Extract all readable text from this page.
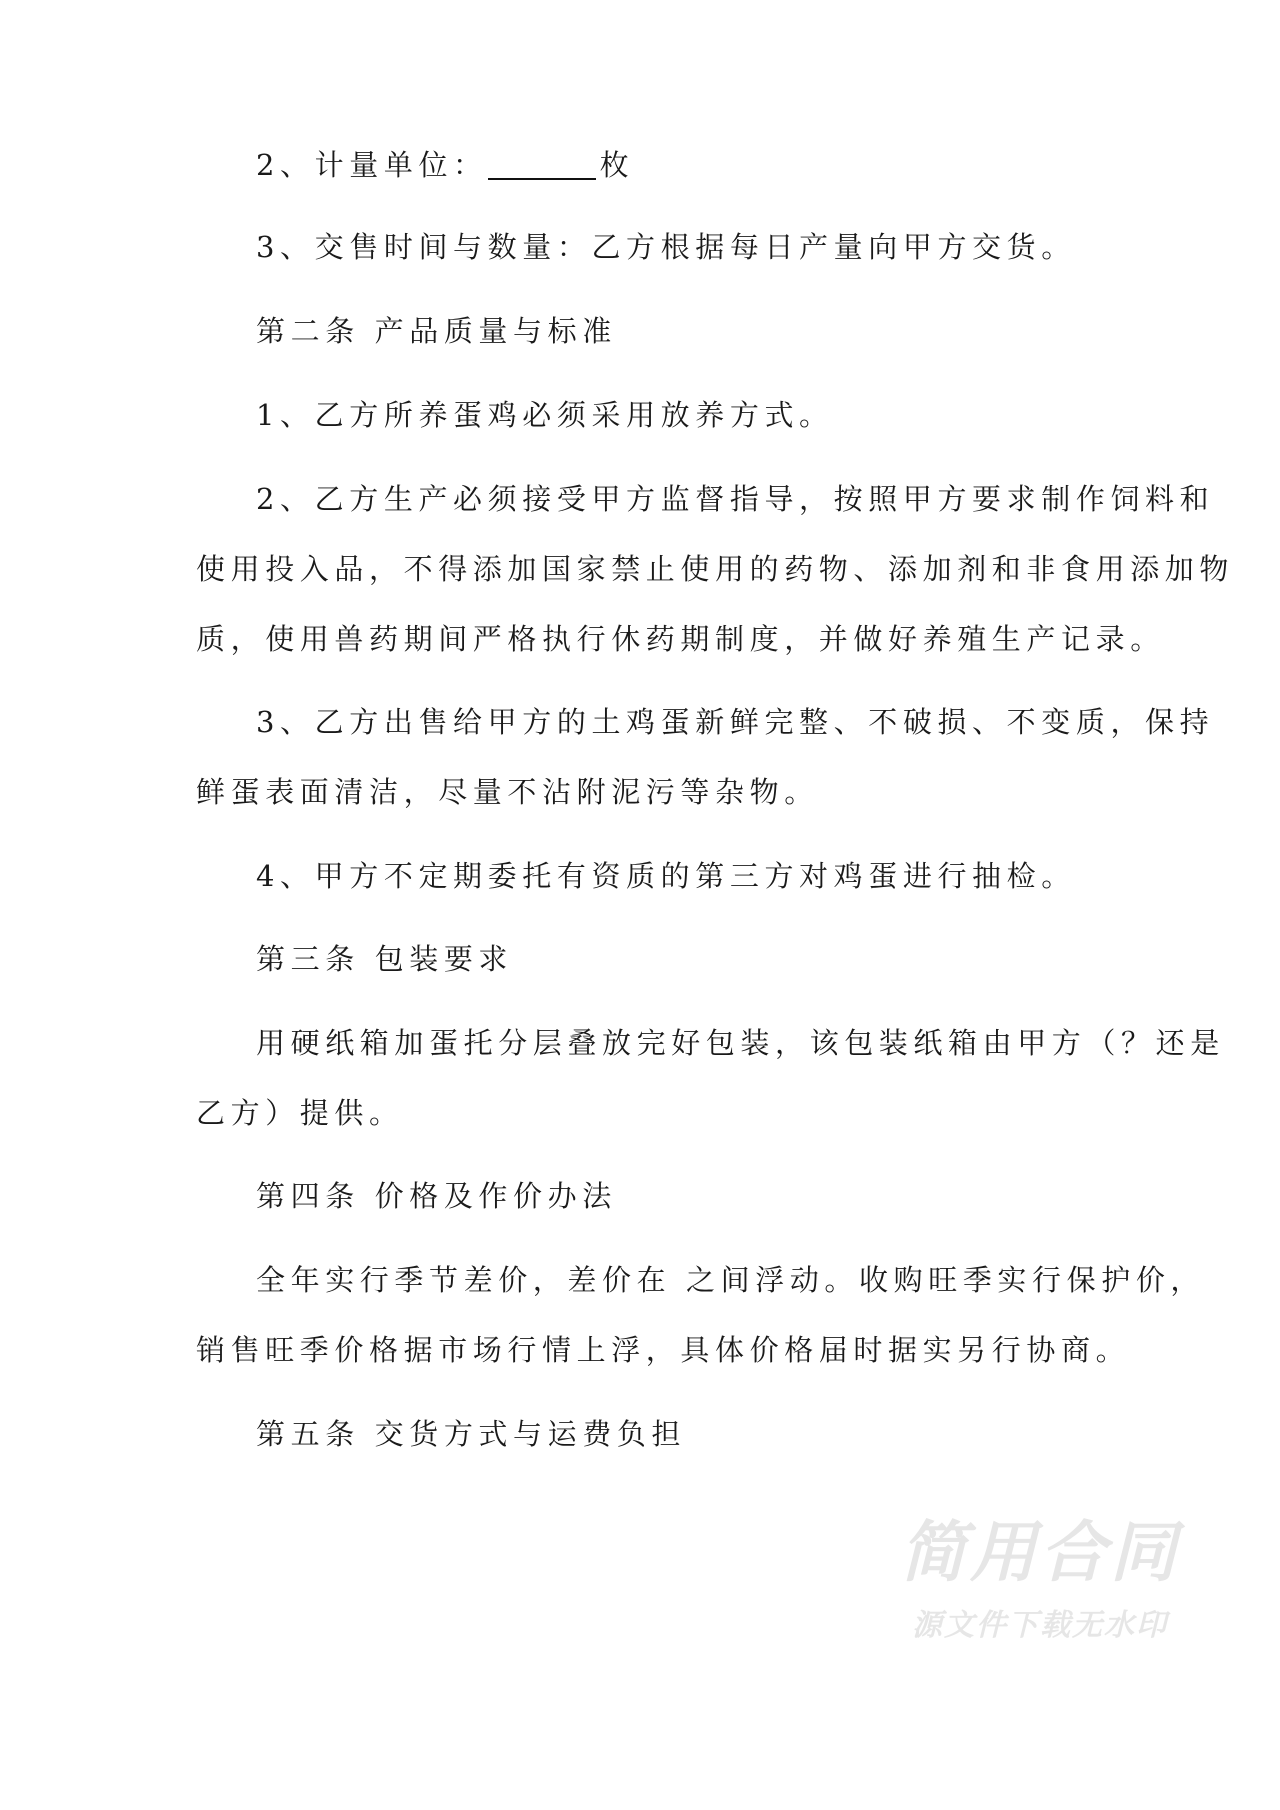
2、计量单位：	枚
3、交售时间与数量：乙方根据每日产量向甲方交货。
第二条 产品质量与标准
1、乙方所养蛋鸡必须采用放养方式。
2、乙方生产必须接受甲方监督指导，按照甲方要求制作饲料和
使用投入品，不得添加国家禁止使用的药物、添加剂和非食用添加物
质，使用兽药期间严格执行休药期制度，并做好养殖生产记录。
3、乙方出售给甲方的土鸡蛋新鲜完整、不破损、不变质，保持
鲜蛋表面清洁，尽量不沾附泥污等杂物。
4、甲方不定期委托有资质的第三方对鸡蛋进行抽检。
第三条 包装要求
用硬纸箱加蛋托分层叠放完好包装，该包装纸箱由甲方（？还是
乙方）提供。
第四条 价格及作价办法
全年实行季节差价，差价在 之间浮动。收购旺季实行保护价，
销售旺季价格据市场行情上浮，具体价格届时据实另行协商。
第五条 交货方式与运费负担
简用合同
源文件下载无水印
